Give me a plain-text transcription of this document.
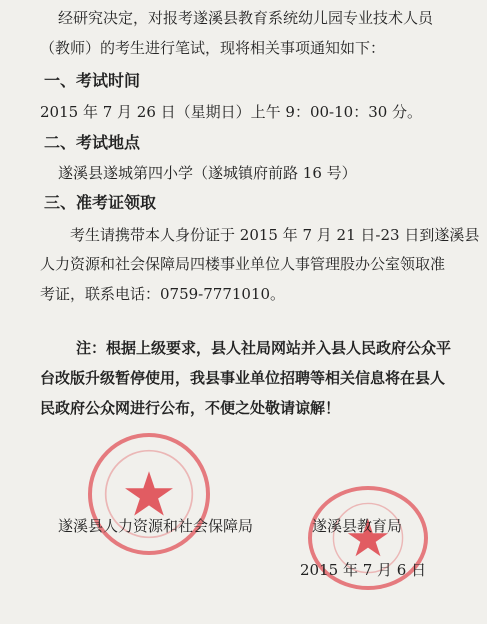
经研究决定，对报考遂溪县教育系统幼儿园专业技术人员
（教师）的考生进行笔试，现将相关事项通知如下：
一、考试时间
2015 年 7 月 26 日（星期日）上午 9：00-10：30 分。
二、考试地点
遂溪县遂城第四小学（遂城镇府前路 16 号）
三、准考证领取
考生请携带本人身份证于 2015 年 7 月 21 日-23 日到遂溪县
人力资源和社会保障局四楼事业单位人事管理股办公室领取准
考证，联系电话：0759-7771010。
注：根据上级要求，县人社局网站并入县人民政府公众平
台改版升级暂停使用，我县事业单位招聘等相关信息将在县人
民政府公众网进行公布，不便之处敬请谅解！
遂溪县人力资源和社会保障局	遂溪县教育局
2015 年 7 月 6 日
